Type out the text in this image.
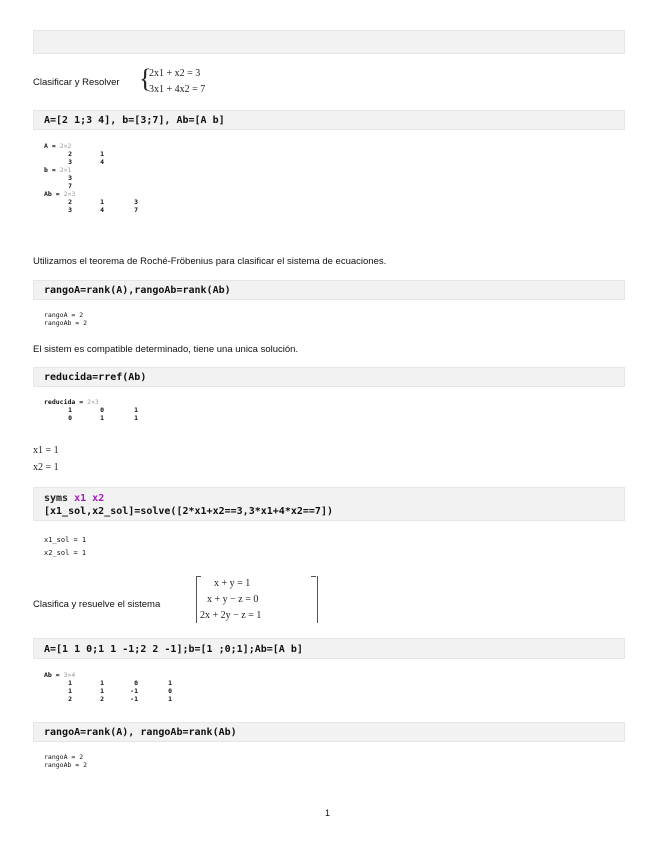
Clasificar y Resolver {
2x1 + x2 = 3
3x1 + 4x2 = 7
A=[2 1;3 4], b=[3;7], Ab=[A b]
A = 2×2
2	1
3	4
b = 2×1
3
7
Ab = 2×3
2	1	3
3	4	7
Utilizamos el teorema de Roché-Fröbenius para clasificar el sistema de ecuaciones.
rangoA=rank(A),rangoAb=rank(Ab)
rangoA = 2
rangoAb = 2
El sistem es compatible determinado, tiene una unica solución.
reducida=rref(Ab)
reducida = 2×3
1	0	1
0	1	1
x1 = 1
x2 = 1
syms x1 x2
[x1_sol,x2_sol]=solve([2*x1+x2==3,3*x1+4*x2==7])
x1_sol = 1
x2_sol = 1
Clasifica y resuelve el sistema
x + y = 1
x + y − z = 0
2x + 2y − z = 1
A=[1 1 0;1 1 -1;2 2 -1];b=[1 ;0;1];Ab=[A b]
Ab = 3×4
1	1	0	1
1	1	-1	0
2	2	-1	1
rangoA=rank(A), rangoAb=rank(Ab)
rangoA = 2
rangoAb = 2
1
